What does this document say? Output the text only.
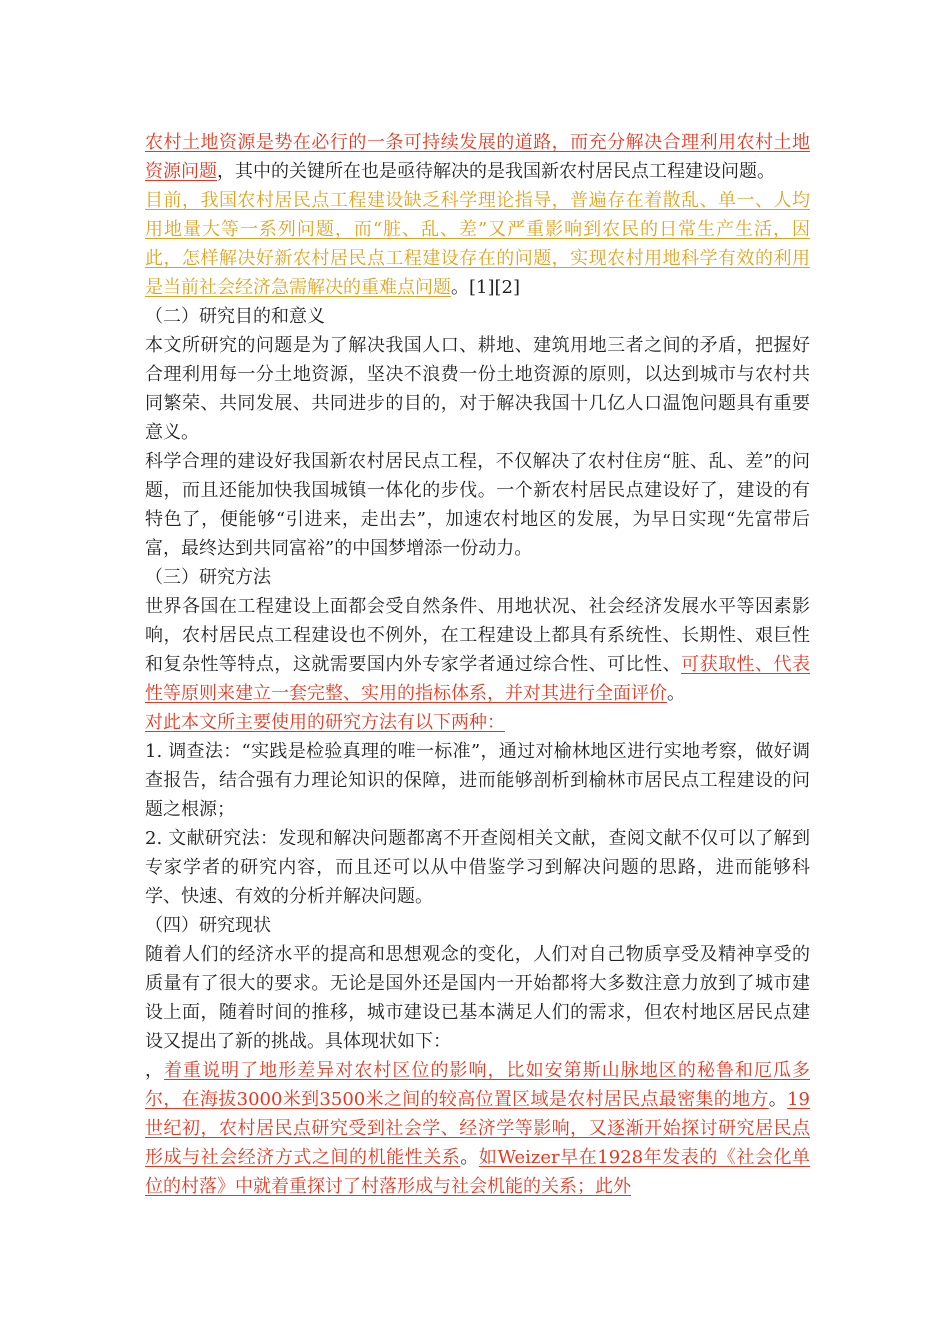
农村土地资源是势在必行的一条可持续发展的道路，而充分解决合理利用农村土地资源问题，其中的关键所在也是亟待解决的是我国新农村居民点工程建设问题。

目前，我国农村居民点工程建设缺乏科学理论指导，普遍存在着散乱、单一、人均用地量大等一系列问题，而“脏、乱、差”又严重影响到农民的日常生产生活，因此，怎样解决好新农村居民点工程建设存在的问题，实现农村用地科学有效的利用是当前社会经济急需解决的重难点问题。[1][2]

（二）研究目的和意义

本文所研究的问题是为了解决我国人口、耕地、建筑用地三者之间的矛盾，把握好合理利用每一分土地资源，坚决不浪费一份土地资源的原则，以达到城市与农村共同繁荣、共同发展、共同进步的目的，对于解决我国十几亿人口温饱问题具有重要意义。

科学合理的建设好我国新农村居民点工程，不仅解决了农村住房“脏、乱、差”的问题，而且还能加快我国城镇一体化的步伐。一个新农村居民点建设好了，建设的有特色了，便能够“引进来，走出去”，加速农村地区的发展，为早日实现“先富带后富，最终达到共同富裕”的中国梦增添一份动力。

（三）研究方法

世界各国在工程建设上面都会受自然条件、用地状况、社会经济发展水平等因素影响，农村居民点工程建设也不例外，在工程建设上都具有系统性、长期性、艰巨性和复杂性等特点，这就需要国内外专家学者通过综合性、可比性、可获取性、代表性等原则来建立一套完整、实用的指标体系，并对其进行全面评价。

对此本文所主要使用的研究方法有以下两种：

1. 调查法：“实践是检验真理的唯一标准”，通过对榆林地区进行实地考察，做好调查报告，结合强有力理论知识的保障，进而能够剖析到榆林市居民点工程建设的问题之根源；

2. 文献研究法：发现和解决问题都离不开查阅相关文献，查阅文献不仅可以了解到专家学者的研究内容，而且还可以从中借鉴学习到解决问题的思路，进而能够科学、快速、有效的分析并解决问题。

（四）研究现状

随着人们的经济水平的提高和思想观念的变化，人们对自己物质享受及精神享受的质量有了很大的要求。无论是国外还是国内一开始都将大多数注意力放到了城市建设上面，随着时间的推移，城市建设已基本满足人们的需求，但农村地区居民点建设又提出了新的挑战。具体现状如下：

，着重说明了地形差异对农村区位的影响，比如安第斯山脉地区的秘鲁和厄瓜多尔，在海拔3000米到3500米之间的较高位置区域是农村居民点最密集的地方。19世纪初，农村居民点研究受到社会学、经济学等影响，又逐渐开始探讨研究居民点形成与社会经济方式之间的机能性关系。如Weizer早在1928年发表的《社会化单位的村落》中就着重探讨了村落形成与社会机能的关系；此外
